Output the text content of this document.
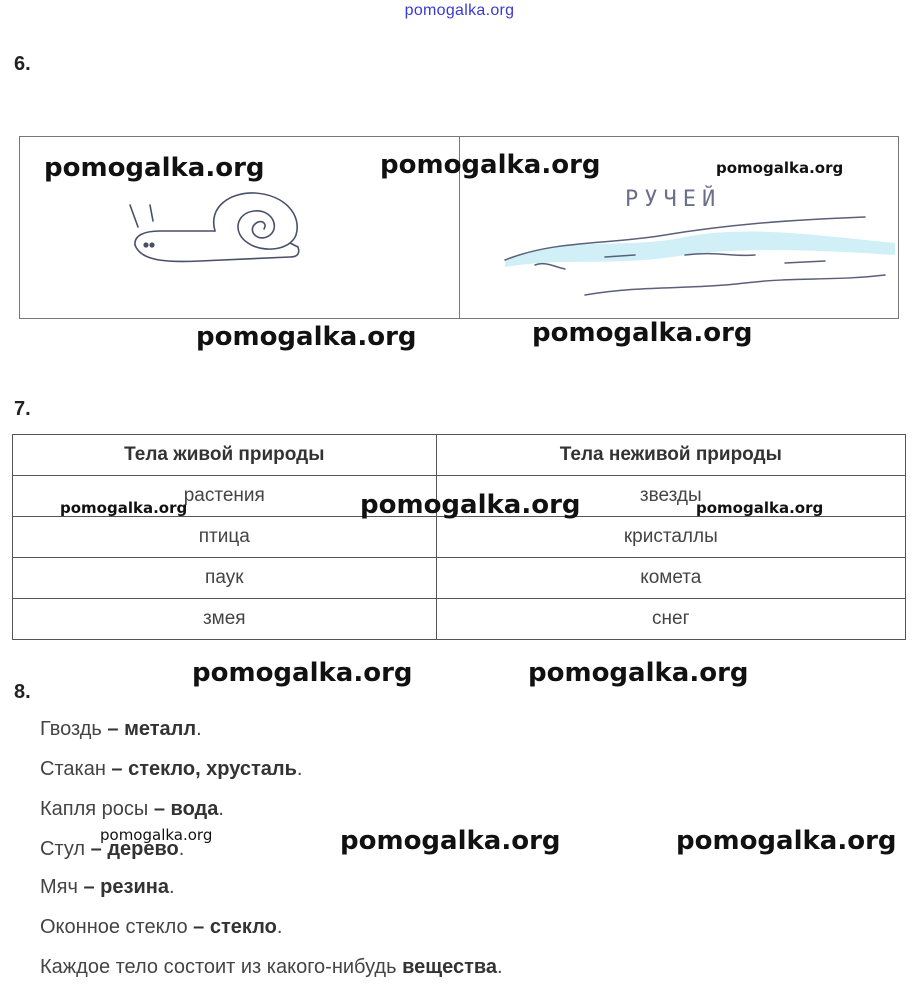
pomogalka.org
6.
РУЧЕЙ
7.
Тела живой природы	Тела неживой природы
растения	звезды
птица	кристаллы
паук	комета
змея	снег
8.
Гвоздь – металл.
Стакан – стекло, хрусталь.
Капля росы – вода.
Стул – дерево.
Мяч – резина.
Оконное стекло – стекло.
Каждое тело состоит из какого-нибудь вещества.
pomogalka.org	pomogalka.org	pomogalka.org
pomogalka.org	pomogalka.org
pomogalka.org	pomogalka.org	pomogalka.org
pomogalka.org	pomogalka.org
pomogalka.org	pomogalka.org	pomogalka.org
